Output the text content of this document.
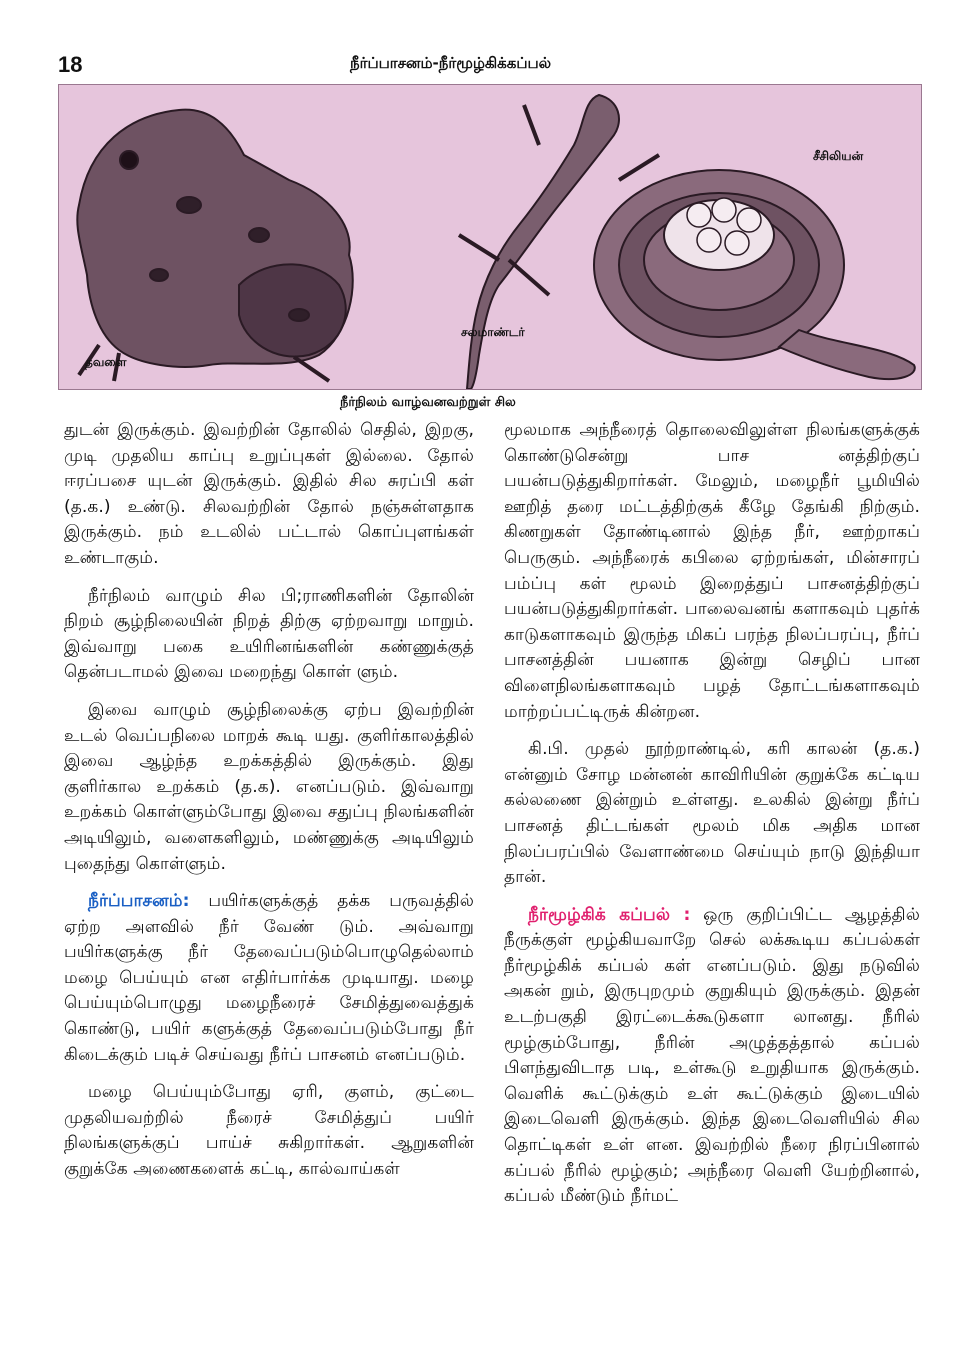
18	நீர்ப்பாசனம்-நீர்மூழ்கிக்கப்பல்
தவளை
சலமாண்டர்
சீசிலியன்
நீர்நிலம் வாழ்வனவற்றுள் சில

துடன் இருக்கும். இவற்றின் தோலில் செதில், இறகு, முடி முதலிய காப்பு உறுப்புகள் இல்லை. தோல் ஈரப்பசை யுடன் இருக்கும். இதில் சில சுரப்பி கள் (த.க.) உண்டு. சிலவற்றின் தோல் நஞ்சுள்ளதாக இருக்கும். நம் உடலில் பட்டால் கொப்புளங்கள் உண்டாகும்.

நீர்நிலம் வாழும் சில பி;ராணிகளின் தோலின் நிறம் சூழ்நிலையின் நிறத் திற்கு ஏற்றவாறு மாறும். இவ்வாறு பகை உயிரினங்களின் கண்ணுக்குத் தென்படாமல் இவை மறைந்து கொள் ளும்.

இவை வாழும் சூழ்நிலைக்கு ஏற்ப இவற்றின் உடல் வெப்பநிலை மாறக் கூடி யது. குளிர்காலத்தில் இவை ஆழ்ந்த உறக்கத்தில் இருக்கும். இது குளிர்கால உறக்கம் (த.க). எனப்படும். இவ்வாறு உறக்கம் கொள்ளும்போது இவை சதுப்பு நிலங்களின் அடியிலும், வளைகளிலும், மண்ணுக்கு அடியிலும் புதைந்து கொள்ளும்.

நீர்ப்பாசனம்: பயிர்களுக்குத் தக்க பருவத்தில் ஏற்ற அளவில் நீர் வேண் டும். அவ்வாறு பயிர்களுக்கு நீர் தேவைப்படும்பொழுதெல்லாம் மழை பெய்யும் என எதிர்பார்க்க முடியாது. மழை பெய்யும்பொழுது மழைநீரைச் சேமித்துவைத்துக் கொண்டு, பயிர் களுக்குத் தேவைப்படும்போது நீர் கிடைக்கும் படிச் செய்வது நீர்ப் பாசனம் எனப்படும்.

மழை பெய்யும்போது ஏரி, குளம், குட்டை முதலியவற்றில் நீரைச் சேமித்துப் பயிர் நிலங்களுக்குப் பாய்ச் சுகிறார்கள். ஆறுகளின் குறுக்கே அணைகளைக் கட்டி, கால்வாய்கள்

மூலமாக அந்நீரைத் தொலைவிலுள்ள நிலங்களுக்குக் கொண்டுசென்று பாச னத்திற்குப் பயன்படுத்துகிறார்கள். மேலும், மழைநீர் பூமியில் ஊறித் தரை மட்டத்திற்குக் கீழே தேங்கி நிற்கும். கிணறுகள் தோண்டினால் இந்த நீர், ஊற்றாகப் பெருகும். அந்நீரைக் கபிலை ஏற்றங்கள், மின்சாரப் பம்ப்பு கள் மூலம் இறைத்துப் பாசனத்திற்குப் பயன்படுத்துகிறார்கள். பாலைவனங் களாகவும் புதர்க் காடுகளாகவும் இருந்த மிகப் பரந்த நிலப்பரப்பு, நீர்ப் பாசனத்தின் பயனாக இன்று செழிப் பான விளைநிலங்களாகவும் பழத் தோட்டங்களாகவும் மாற்றப்பட்டிருக் கின்றன.

கி.பி. முதல் நூற்றாண்டில், கரி காலன் (த.க.) என்னும் சோழ மன்னன் காவிரியின் குறுக்கே கட்டிய கல்லணை இன்றும் உள்ளது. உலகில் இன்று நீர்ப் பாசனத் திட்டங்கள் மூலம் மிக அதிக மான நிலப்பரப்பில் வேளாண்மை செய்யும் நாடு இந்தியா தான்.

நீர்மூழ்கிக் கப்பல் : ஒரு குறிப்பிட்ட ஆழத்தில் நீருக்குள் மூழ்கியவாறே செல் லக்கூடிய கப்பல்கள் நீர்மூழ்கிக் கப்பல் கள் எனப்படும். இது நடுவில் அகன் றும், இருபுறமும் குறுகியும் இருக்கும். இதன் உடற்பகுதி இரட்டைக்கூடுகளா லானது. நீரில் மூழ்கும்போது, நீரின் அழுத்தத்தால் கப்பல் பிளந்துவிடாத படி, உள்கூடு உறுதியாக இருக்கும். வெளிக் கூட்டுக்கும் உள் கூட்டுக்கும் இடையில் இடைவெளி இருக்கும். இந்த இடைவெளியில் சில தொட்டிகள் உள் ளன. இவற்றில் நீரை நிரப்பினால் கப்பல் நீரில் மூழ்கும்; அந்நீரை வெளி யேற்றினால், கப்பல் மீண்டும் நீர்மட்
